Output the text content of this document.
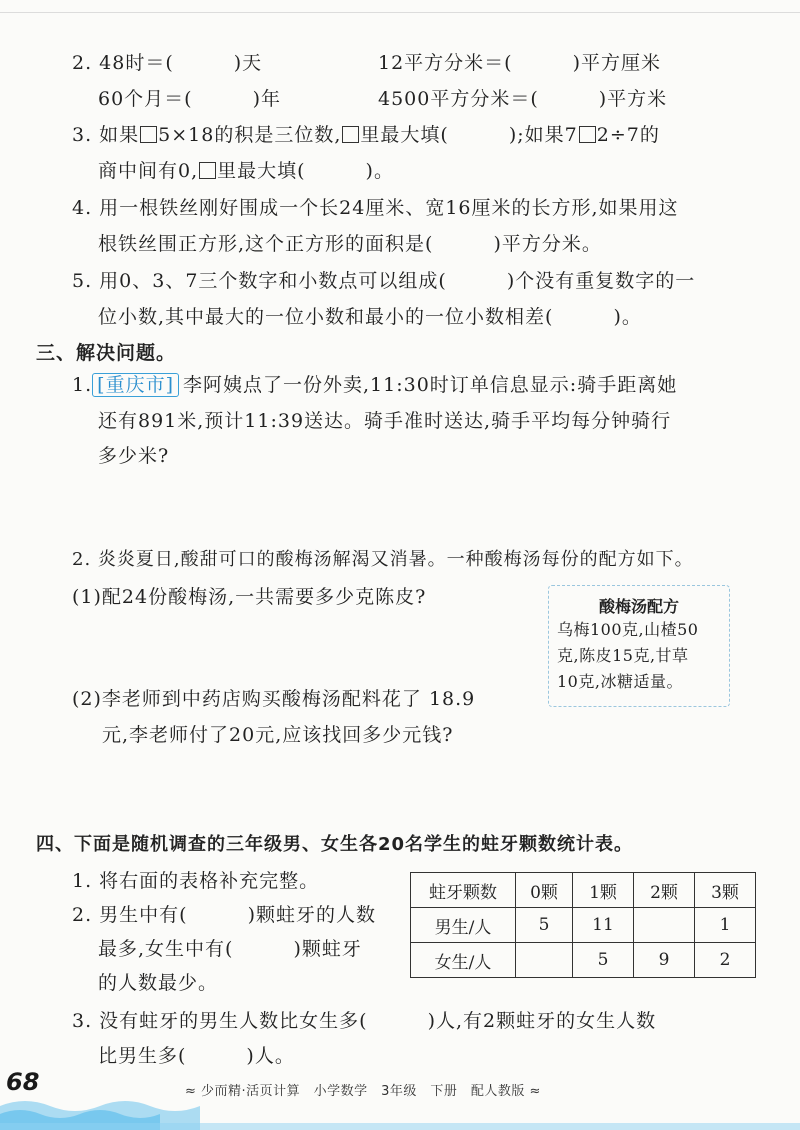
2. 48时＝(　　　)天	12平方分米＝(　　　)平方厘米
60个月＝(　　　)年	4500平方分米＝(　　　)平方米
3. 如果 5×18的积是三位数, 里最大填(　　　);如果7 2÷7的
商中间有0, 里最大填(　　　)。
4. 用一根铁丝刚好围成一个长24厘米、宽16厘米的长方形,如果用这
根铁丝围正方形,这个正方形的面积是(　　　)平方分米。
5. 用0、3、7三个数字和小数点可以组成(　　　)个没有重复数字的一
位小数,其中最大的一位小数和最小的一位小数相差(　　　)。
三、解决问题。
1. [重庆市] 李阿姨点了一份外卖,11:30时订单信息显示:骑手距离她
还有891米,预计11:39送达。骑手准时送达,骑手平均每分钟骑行
多少米?
2. 炎炎夏日,酸甜可口的酸梅汤解渴又消暑。一种酸梅汤每份的配方如下。
(1)配24份酸梅汤,一共需要多少克陈皮?
(2)李老师到中药店购买酸梅汤配料花了 18.9
元,李老师付了20元,应该找回多少元钱?
酸梅汤配方
乌梅100克,山楂50
克,陈皮15克,甘草
10克,冰糖适量。
四、下面是随机调查的三年级男、女生各20名学生的蛀牙颗数统计表。
1. 将右面的表格补充完整。
2. 男生中有(　　　)颗蛀牙的人数
最多,女生中有(　　　)颗蛀牙
的人数最少。
3. 没有蛀牙的男生人数比女生多(　　　)人,有2颗蛀牙的女生人数
比男生多(　　　)人。
蛀牙颗数	0颗	1颗	2颗	3颗
男生/人	5	11		1
女生/人		5	9	2
68	≈ 少而精·活页计算　小学数学　3年级　下册　配人教版 ≈
